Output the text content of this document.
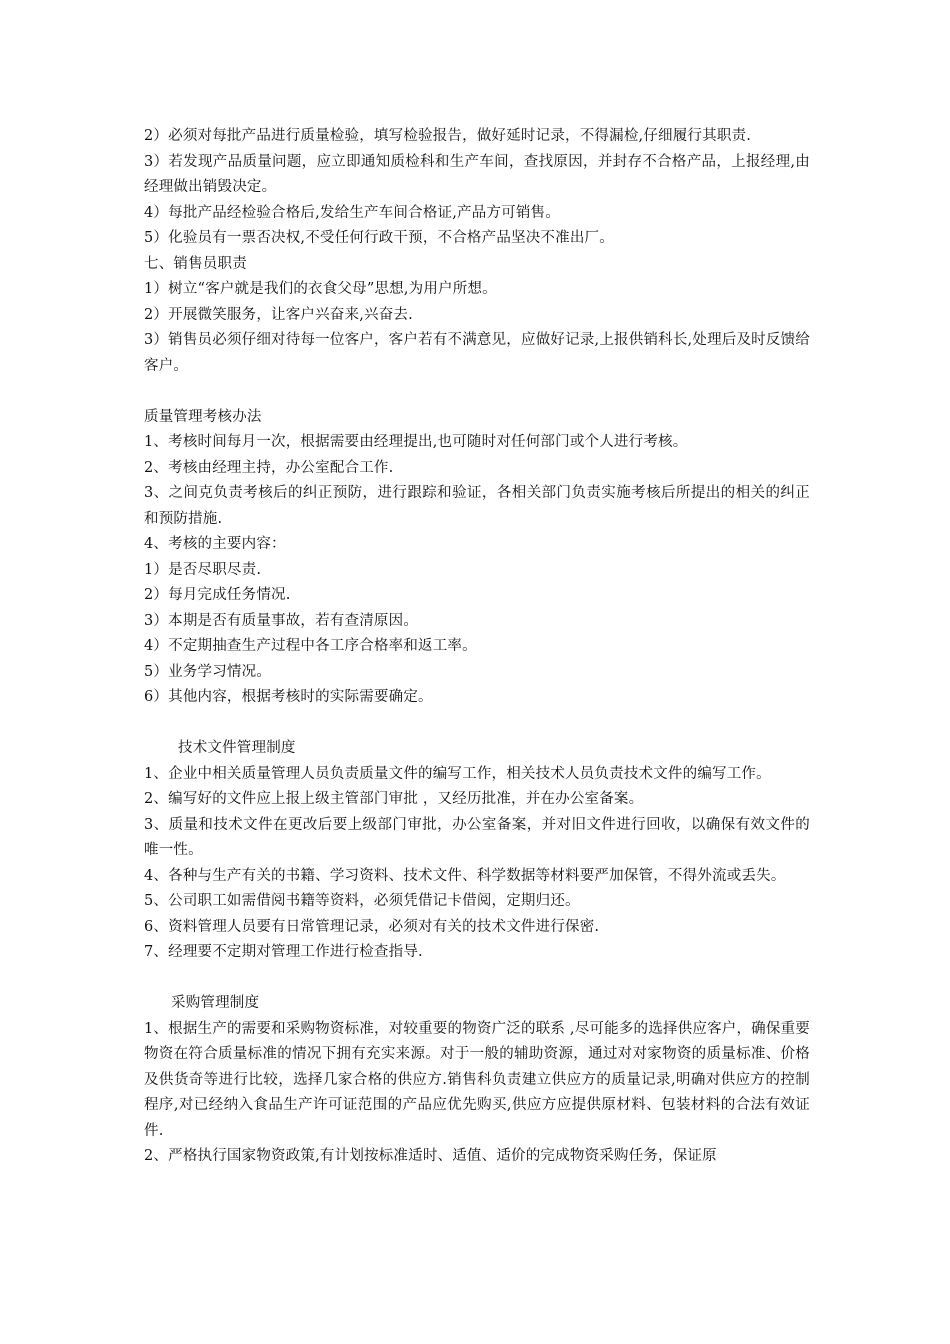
2）必须对每批产品进行质量检验，填写检验报告，做好延时记录，不得漏检,仔细履行其职责.

3）若发现产品质量问题，应立即通知质检科和生产车间，查找原因，并封存不合格产品，上报经理,由经理做出销毁决定。

4）每批产品经检验合格后,发给生产车间合格证,产品方可销售。

5）化验员有一票否决权,不受任何行政干预，不合格产品坚决不准出厂。

七、销售员职责

1）树立“客户就是我们的衣食父母”思想,为用户所想。

2）开展微笑服务，让客户兴奋来,兴奋去.

3）销售员必须仔细对待每一位客户，客户若有不满意见，应做好记录,上报供销科长,处理后及时反馈给客户。

质量管理考核办法

1、考核时间每月一次，根据需要由经理提出,也可随时对任何部门或个人进行考核。

2、考核由经理主持，办公室配合工作.

3、之间克负责考核后的纠正预防，进行跟踪和验证，各相关部门负责实施考核后所提出的相关的纠正和预防措施.

4、考核的主要内容：

1）是否尽职尽责.

2）每月完成任务情况.

3）本期是否有质量事故，若有查清原因。

4）不定期抽查生产过程中各工序合格率和返工率。

5）业务学习情况。

6）其他内容，根据考核时的实际需要确定。

技术文件管理制度

1、企业中相关质量管理人员负责质量文件的编写工作，相关技术人员负责技术文件的编写工作。

2、编写好的文件应上报上级主管部门审批 ，又经历批准，并在办公室备案。

3、质量和技术文件在更改后要上级部门审批，办公室备案，并对旧文件进行回收，以确保有效文件的唯一性。

4、各种与生产有关的书籍、学习资料、技术文件、科学数据等材料要严加保管，不得外流或丢失。

5、公司职工如需借阅书籍等资料，必须凭借记卡借阅，定期归还。

6、资料管理人员要有日常管理记录，必须对有关的技术文件进行保密.

7、经理要不定期对管理工作进行检查指导.

采购管理制度

1、根据生产的需要和采购物资标准，对较重要的物资广泛的联系 ,尽可能多的选择供应客户，确保重要物资在符合质量标准的情况下拥有充实来源。对于一般的辅助资源，通过对对家物资的质量标准、价格及供货奇等进行比较，选择几家合格的供应方.销售科负责建立供应方的质量记录,明确对供应方的控制程序,对已经纳入食品生产许可证范围的产品应优先购买,供应方应提供原材料、包装材料的合法有效证件.

2、严格执行国家物资政策,有计划按标准适时、适值、适价的完成物资采购任务，保证原
